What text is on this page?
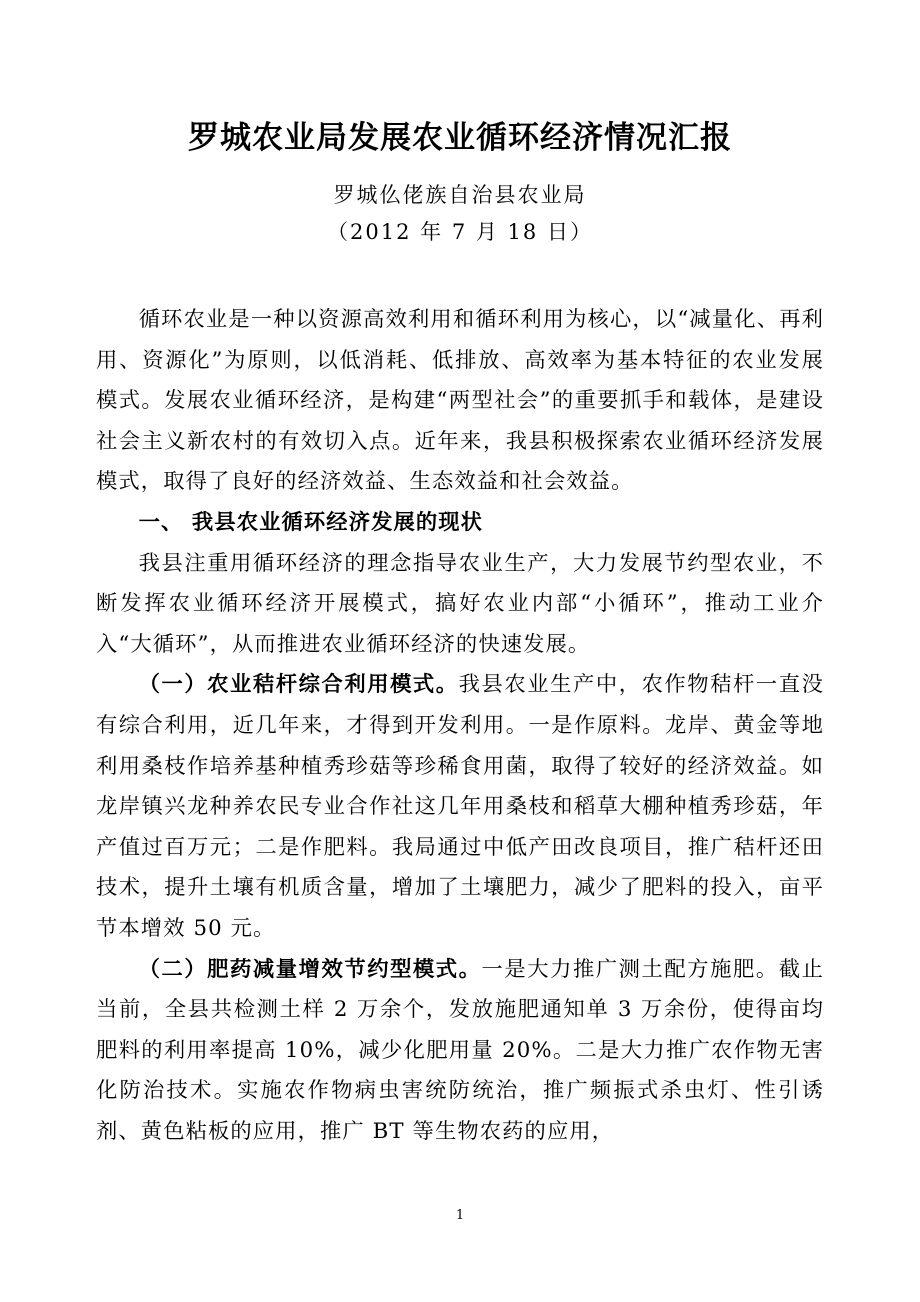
罗城农业局发展农业循环经济情况汇报
罗城仫佬族自治县农业局
（2012 年 7 月 18 日）

循环农业是一种以资源高效利用和循环利用为核心，以“减量化、再利用、资源化”为原则，以低消耗、低排放、高效率为基本特征的农业发展模式。发展农业循环经济，是构建“两型社会”的重要抓手和载体，是建设社会主义新农村的有效切入点。近年来，我县积极探索农业循环经济发展模式，取得了良好的经济效益、生态效益和社会效益。

一、 我县农业循环经济发展的现状

我县注重用循环经济的理念指导农业生产，大力发展节约型农业，不断发挥农业循环经济开展模式，搞好农业内部“小循环”，推动工业介入“大循环”，从而推进农业循环经济的快速发展。

（一）农业秸杆综合利用模式。我县农业生产中，农作物秸杆一直没有综合利用，近几年来，才得到开发利用。一是作原料。龙岸、黄金等地利用桑枝作培养基种植秀珍菇等珍稀食用菌，取得了较好的经济效益。如龙岸镇兴龙种养农民专业合作社这几年用桑枝和稻草大棚种植秀珍菇，年产值过百万元；二是作肥料。我局通过中低产田改良项目，推广秸杆还田技术，提升土壤有机质含量，增加了土壤肥力，减少了肥料的投入，亩平节本增效 50 元。

（二）肥药减量增效节约型模式。一是大力推广测土配方施肥。截止当前，全县共检测土样 2 万余个，发放施肥通知单 3 万余份，使得亩均肥料的利用率提高 10%，减少化肥用量 20%。二是大力推广农作物无害化防治技术。实施农作物病虫害统防统治，推广频振式杀虫灯、性引诱剂、黄色粘板的应用，推广 BT 等生物农药的应用，

1
